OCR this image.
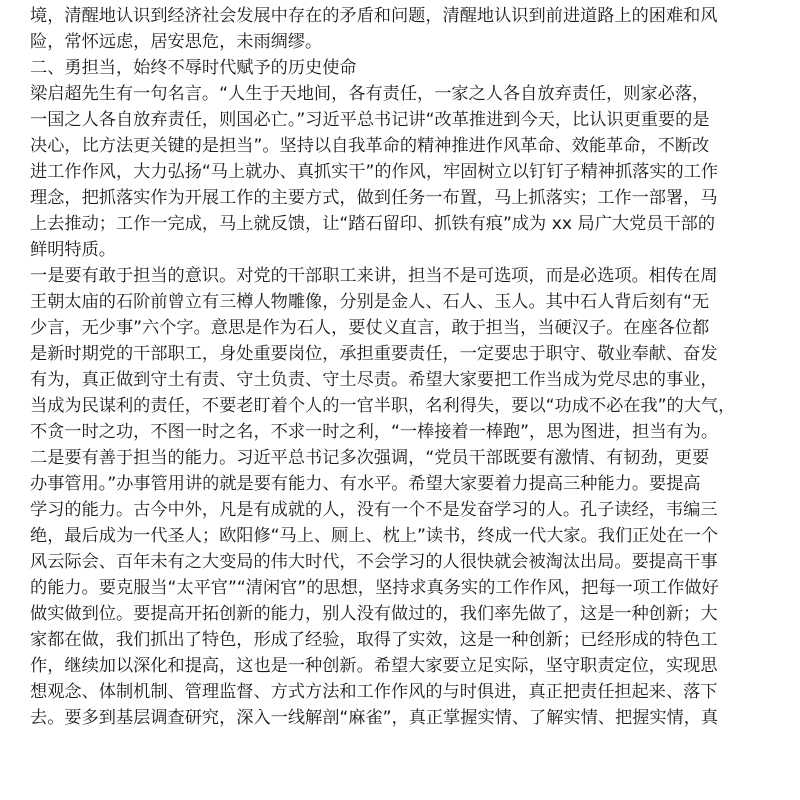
境，清醒地认识到经济社会发展中存在的矛盾和问题，清醒地认识到前进道路上的困难和风

险，常怀远虑，居安思危，未雨绸缪。

二、勇担当，始终不辱时代赋予的历史使命

梁启超先生有一句名言。“人生于天地间，各有责任，一家之人各自放弃责任，则家必落，

一国之人各自放弃责任，则国必亡。”习近平总书记讲“改革推进到今天，比认识更重要的是

决心，比方法更关键的是担当”。坚持以自我革命的精神推进作风革命、效能革命，不断改

进工作作风，大力弘扬“马上就办、真抓实干”的作风，牢固树立以钉钉子精神抓落实的工作

理念，把抓落实作为开展工作的主要方式，做到任务一布置，马上抓落实；工作一部署，马

上去推动；工作一完成，马上就反馈，让“踏石留印、抓铁有痕”成为 xx 局广大党员干部的

鲜明特质。

一是要有敢于担当的意识。对党的干部职工来讲，担当不是可选项，而是必选项。相传在周

王朝太庙的石阶前曾立有三樽人物雕像，分别是金人、石人、玉人。其中石人背后刻有“无

少言，无少事”六个字。意思是作为石人，要仗义直言，敢于担当，当硬汉子。在座各位都

是新时期党的干部职工，身处重要岗位，承担重要责任，一定要忠于职守、敬业奉献、奋发

有为，真正做到守土有责、守土负责、守土尽责。希望大家要把工作当成为党尽忠的事业，

当成为民谋利的责任，不要老盯着个人的一官半职，名利得失，要以“功成不必在我”的大气，

不贪一时之功，不图一时之名，不求一时之利，“一棒接着一棒跑”，思为图进，担当有为。

二是要有善于担当的能力。习近平总书记多次强调，“党员干部既要有激情、有韧劲，更要

办事管用。”办事管用讲的就是要有能力、有水平。希望大家要着力提高三种能力。要提高

学习的能力。古今中外，凡是有成就的人，没有一个不是发奋学习的人。孔子读经，韦编三

绝，最后成为一代圣人；欧阳修“马上、厕上、枕上”读书，终成一代大家。我们正处在一个

风云际会、百年未有之大变局的伟大时代，不会学习的人很快就会被淘汰出局。要提高干事

的能力。要克服当“太平官”“清闲官”的思想，坚持求真务实的工作作风，把每一项工作做好

做实做到位。要提高开拓创新的能力，别人没有做过的，我们率先做了，这是一种创新；大

家都在做，我们抓出了特色，形成了经验，取得了实效，这是一种创新；已经形成的特色工

作，继续加以深化和提高，这也是一种创新。希望大家要立足实际，坚守职责定位，实现思

想观念、体制机制、管理监督、方式方法和工作作风的与时俱进，真正把责任担起来、落下

去。要多到基层调查研究，深入一线解剖“麻雀”，真正掌握实情、了解实情、把握实情，真
